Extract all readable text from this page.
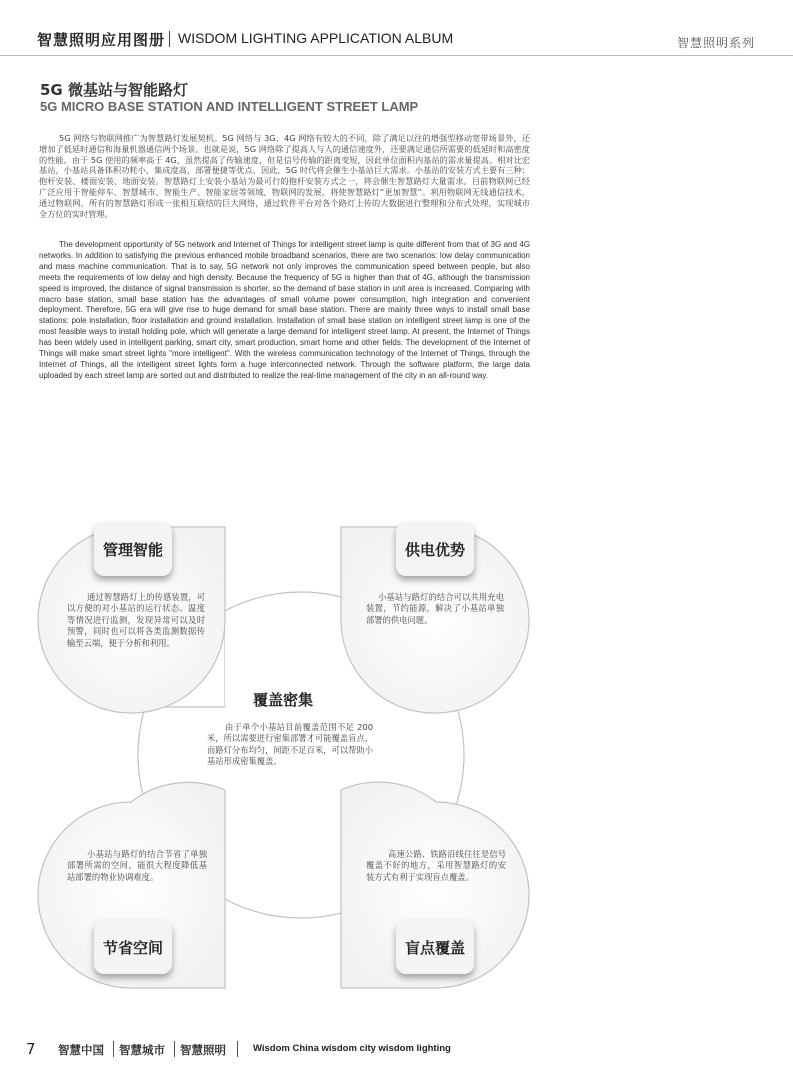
智慧照明应用图册 WISDOM LIGHTING APPLICATION ALBUM	智慧照明系列
5G 微基站与智能路灯
5G MICRO BASE STATION AND INTELLIGENT STREET LAMP

5G 网络与物联网推广为智慧路灯发展契机。5G 网络与 3G、4G 网络有较大的不同，除了满足以往的增强型移动宽带场景外，还增加了低延时通信和海量机器通信两个场景。也就是说，5G 网络除了提高人与人的通信速度外，还要满足通信所需要的低延时和高密度的性能。由于 5G 使用的频率高于 4G，虽然提高了传输速度，但是信号传输的距离变短，因此单位面积内基站的需求量提高。相对比宏基站，小基站具备体积功耗小，集成度高，部署便捷等优点，因此，5G 时代将会催生小基站巨大需求。小基站的安装方式主要有三种：抱杆安装、楼面安装、地面安装。智慧路灯上安装小基站为最可行的抱杆安装方式之一，将会催生智慧路灯大量需求。目前物联网已经广泛应用于智能停车、智慧城市、智能生产、智能家居等领域，物联网的发展，将使智慧路灯“更加智慧”。利用物联网无线通信技术，通过物联网，所有的智慧路灯形成一张相互联结的巨大网络，通过软件平台对各个路灯上传的大数据进行整理和分布式处理，实现城市全方位的实时管理。

The development opportunity of 5G network and Internet of Things for intelligent street lamp is quite different from that of 3G and 4G networks. In addition to satisfying the previous enhanced mobile broadband scenarios, there are two scenarios: low delay communication and mass machine communication. That is to say, 5G network not only improves the communication speed between people, but also meets the requirements of low delay and high density. Because the frequency of 5G is higher than that of 4G, although the transmission speed is improved, the distance of signal transmission is shorter, so the demand of base station in unit area is increased. Comparing with macro base station, small base station has the advantages of small volume power consumption, high integration and convenient deployment. Therefore, 5G era will give rise to huge demand for small base station. There are mainly three ways to install small base stations: pole installation, floor installation and ground installation. Installation of small base station on intelligent street lamp is one of the most feasible ways to install holding pole, which will generate a large demand for intelligent street lamp. At present, the Internet of Things has been widely used in intelligent parking, smart city, smart production, smart home and other fields. The development of the Internet of Things will make smart street lights "more intelligent". With the wireless communication technology of the Internet of Things, through the Internet of Things, all the intelligent street lights form a huge interconnected network. Through the software platform, the large data uploaded by each street lamp are sorted out and distributed to realize the real-time management of the city in an all-round way.

管理智能	供电优势
节省空间	盲点覆盖
覆盖密集

通过智慧路灯上的传感装置，可以方便的对小基站的运行状态、温度等情况进行监测，发现异常可以及时预警，同时也可以将各类监测数据传输至云端，便于分析和利用。

小基站与路灯的结合可以共用充电装置，节约能源，解决了小基站单独部署的供电问题。

由于单个小基站目前覆盖范围不足 200 米，所以需要进行密集部署才可能覆盖盲点，而路灯分布均匀，间距不足百米，可以帮助小基站形成密集覆盖。

小基站与路灯的结合节省了单独部署所需的空间，能很大程度降低基站部署的物业协调难度。

高速公路、铁路沿线往往是信号覆盖不好的地方，采用智慧路灯的安装方式有利于实现盲点覆盖。

7 智慧中国 智慧城市 智慧照明	Wisdom China wisdom city wisdom lighting
